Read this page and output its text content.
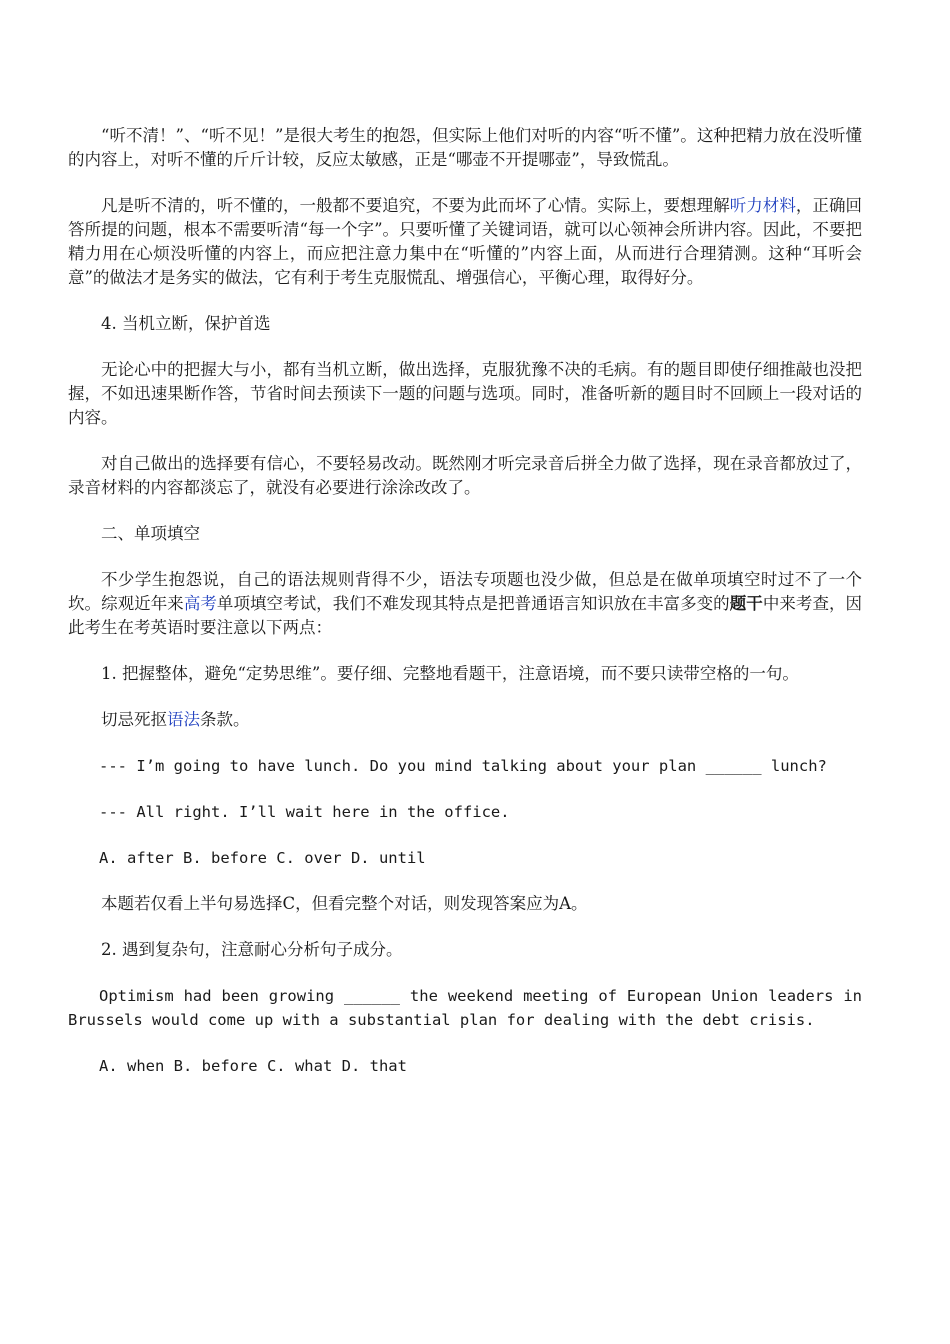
“听不清！”、“听不见！”是很大考生的抱怨，但实际上他们对听的内容“听不懂”。这种把精力放在没听懂的内容上，对听不懂的斤斤计较，反应太敏感，正是“哪壶不开提哪壶”，导致慌乱。

凡是听不清的，听不懂的，一般都不要追究，不要为此而坏了心情。实际上，要想理解听力材料，正确回答所提的问题，根本不需要听清“每一个字”。只要听懂了关键词语，就可以心领神会所讲内容。因此，不要把精力用在心烦没听懂的内容上，而应把注意力集中在“听懂的”内容上面，从而进行合理猜测。这种“耳听会意”的做法才是务实的做法，它有利于考生克服慌乱、增强信心，平衡心理，取得好分。

4. 当机立断，保护首选

无论心中的把握大与小，都有当机立断，做出选择，克服犹豫不决的毛病。有的题目即使仔细推敲也没把握，不如迅速果断作答，节省时间去预读下一题的问题与选项。同时，准备听新的题目时不回顾上一段对话的内容。

对自己做出的选择要有信心，不要轻易改动。既然刚才听完录音后拼全力做了选择，现在录音都放过了，录音材料的内容都淡忘了，就没有必要进行涂涂改改了。

二、单项填空

不少学生抱怨说，自己的语法规则背得不少，语法专项题也没少做，但总是在做单项填空时过不了一个坎。综观近年来高考单项填空考试，我们不难发现其特点是把普通语言知识放在丰富多变的题干中来考查，因此考生在考英语时要注意以下两点：

1. 把握整体，避免“定势思维”。要仔细、完整地看题干，注意语境，而不要只读带空格的一句。

切忌死抠语法条款。

--- I’m going to have lunch. Do you mind talking about your plan ______ lunch?

--- All right. I’ll wait here in the office.

A. after B. before C. over D. until

本题若仅看上半句易选择C，但看完整个对话，则发现答案应为A。

2. 遇到复杂句，注意耐心分析句子成分。

Optimism had been growing ______ the weekend meeting of European Union leaders in Brussels would come up with a substantial plan for dealing with the debt crisis.

A. when B. before C. what D. that
